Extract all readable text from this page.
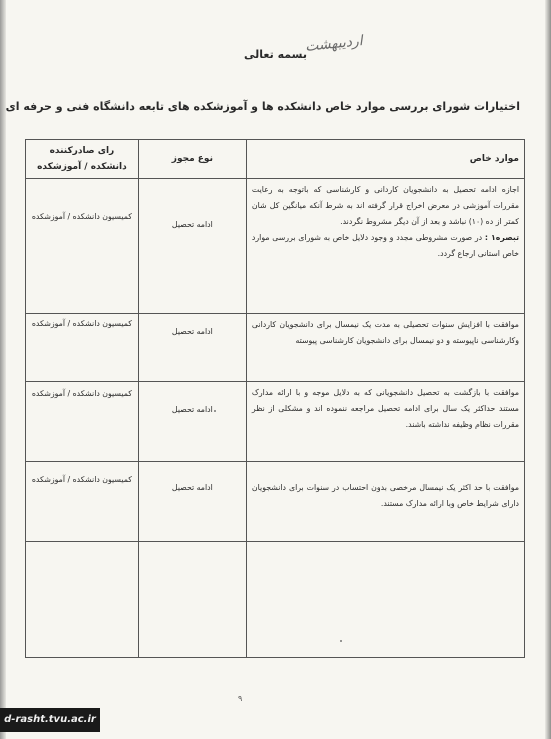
اردیبهشت
بسمه تعالی
اختیارات شورای بررسی موارد خاص دانشکده ها و آموزشکده های تابعه دانشگاه فنی و حرفه ای
موارد خاص	نوع مجوز	رای صادرکننده دانشکده / آموزشکده
اجازه ادامه تحصیل به دانشجویان کاردانی و کارشناسی که باتوجه به رعایت مقررات آموزشی در معرض اخراج قرار گرفته اند به شرط آنکه میانگین کل شان کمتر از ده (۱۰) نباشد و بعد از آن دیگر مشروط نگردند.
تبصره۱ : در صورت مشروطی مجدد و وجود دلایل خاص به شورای بررسی موارد خاص استانی ارجاع گردد.	ادامه تحصیل	کمیسیون دانشکده / آموزشکده
موافقت با افزایش سنوات تحصیلی به مدت یک نیمسال برای دانشجویان کاردانی وکارشناسی ناپیوسته و دو نیمسال برای دانشجویان کارشناسی پیوسته	ادامه تحصیل	کمیسیون دانشکده / آموزشکده
موافقت با بازگشت به تحصیل دانشجویانی که به دلایل موجه و با ارائه مدارک مستند حداکثر یک سال برای ادامه تحصیل مراجعه ننموده اند و مشکلی از نظر مقررات نظام وظیفه نداشته باشند.	ادامه تحصیل	کمیسیون دانشکده / آموزشکده
موافقت با حد اکثر یک نیمسال مرخصی بدون احتساب در سنوات برای دانشجویان دارای شرایط خاص وبا ارائه مدارک مستند.	ادامه تحصیل	کمیسیون دانشکده / آموزشکده

۹
d-rasht.tvu.ac.ir
